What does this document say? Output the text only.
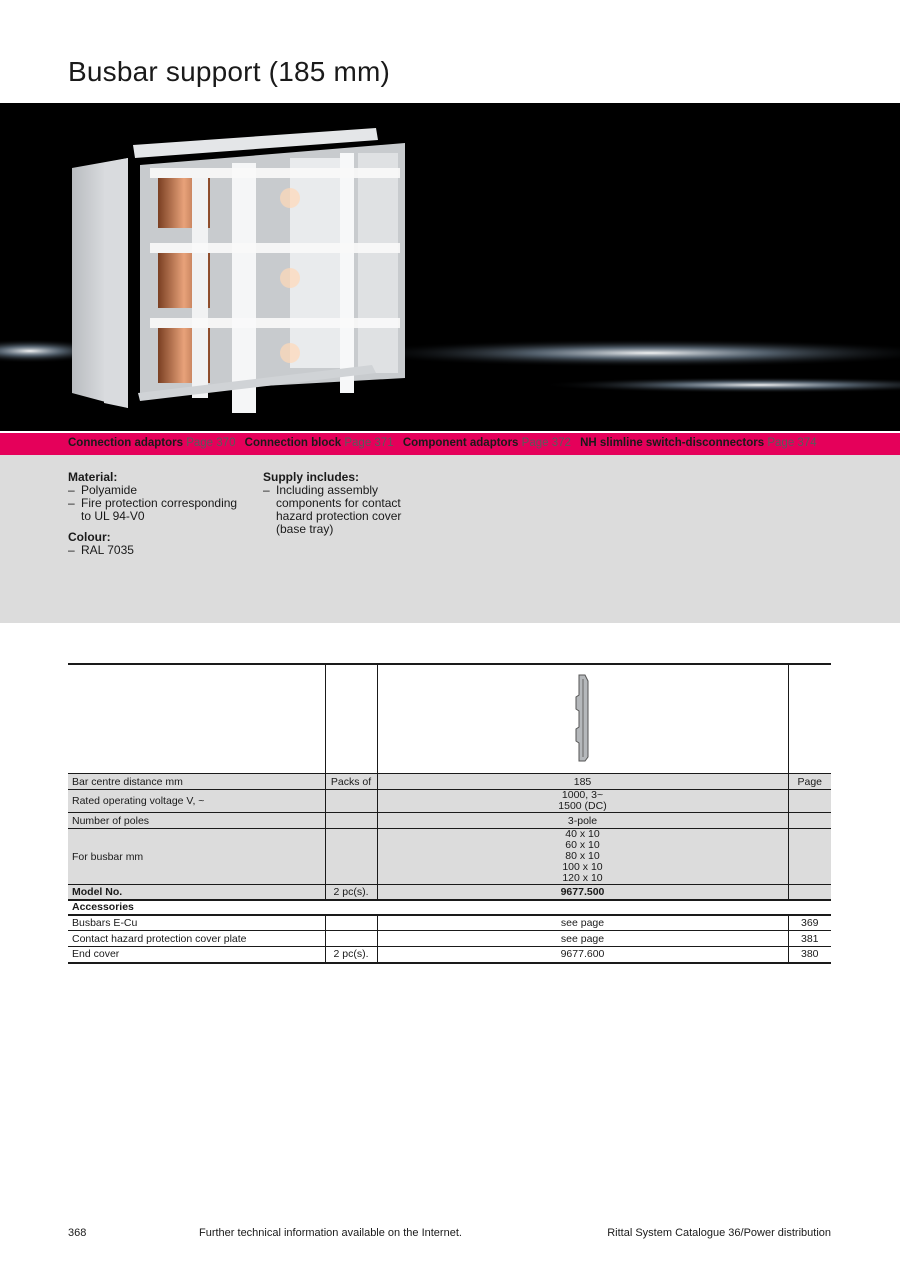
Busbar support (185 mm)
Connection adaptors Page 370 Connection block Page 371 Component adaptors Page 372 NH slimline switch-disconnectors Page 374
Material:
– Polyamide
– Fire protection corresponding to UL 94-V0
Colour:
– RAL 7035
Supply includes:
– Including assembly components for contact hazard protection cover (base tray)

Bar centre distance mm	Packs of	185	Page
Rated operating voltage V, ~		1000, 3~
1500 (DC)	

Number of poles		3-pole	
For busbar mm		40 x 10
60 x 10
80 x 10
100 x 10
120 x 10	

Model No.	2 pc(s).	9677.500	
Accessories			
Busbars E-Cu		see page	369
Contact hazard protection cover plate		see page	381
End cover	2 pc(s).	9677.600	380
368	Further technical information available on the Internet.	Rittal System Catalogue 36/Power distribution
